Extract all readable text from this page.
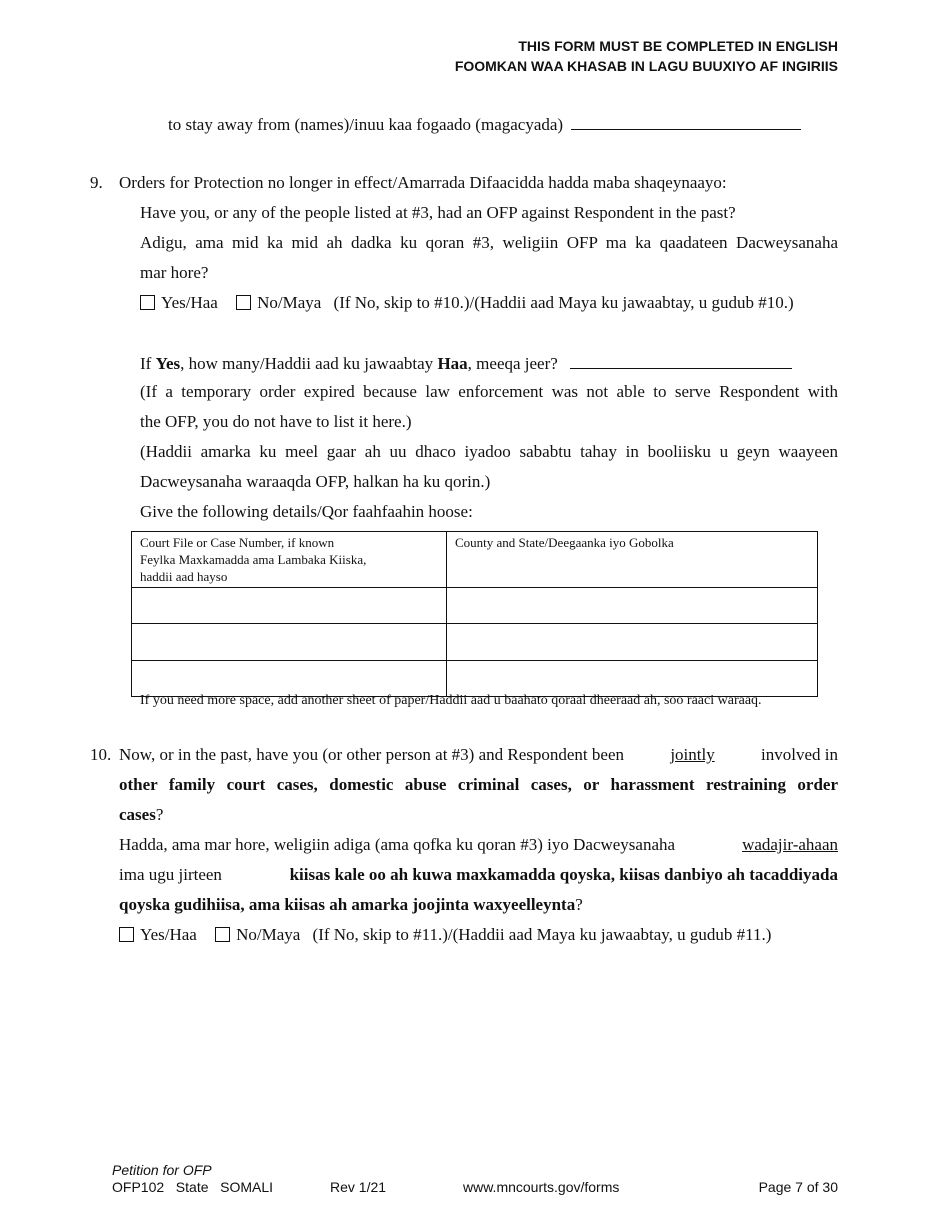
THIS FORM MUST BE COMPLETED IN ENGLISH
FOOMKAN WAA KHASAB IN LAGU BUUXIYO AF INGIRIIS
to stay away from (names)/inuu kaa fogaado (magacyada)
9. Orders for Protection no longer in effect/Amarrada Difaacidda hadda maba shaqeynaayo:
Have you, or any of the people listed at #3, had an OFP against Respondent in the past?
Adigu, ama mid ka mid ah dadka ku qoran #3, weligiin OFP ma ka qaadateen Dacweysanaha
mar hore?
Yes/Haa No/Maya (If No, skip to #10.)/(Haddii aad Maya ku jawaabtay, u gudub #10.)
If Yes, how many/Haddii aad ku jawaabtay Haa, meeqa jeer?
(If a temporary order expired because law enforcement was not able to serve Respondent with
the OFP, you do not have to list it here.)
(Haddii amarka ku meel gaar ah uu dhaco iyadoo sababtu tahay in booliisku u geyn waayeen
Dacweysanaha waraaqda OFP, halkan ha ku qorin.)
Give the following details/Qor faahfaahin hoose:
Court File or Case Number, if known
Feylka Maxkamadda ama Lambaka Kiiska,
haddii aad hayso	County and State/Deegaanka iyo Gobolka

If you need more space, add another sheet of paper/Haddii aad u baahato qoraal dheeraad ah, soo raaci waraaq.
10. Now, or in the past, have you (or other person at #3) and Respondent been	jointly	involved in
other family court cases, domestic abuse criminal cases, or harassment restraining order
cases?
Hadda, ama mar hore, weligiin adiga (ama qofka ku qoran #3) iyo Dacweysanaha	wadajir-ahaan
ima ugu jirteen	kiisas kale oo ah kuwa maxkamadda qoyska, kiisas danbiyo ah tacaddiyada
qoyska gudihiisa, ama kiisas ah amarka joojinta waxyeelleynta?
Yes/Haa No/Maya (If No, skip to #11.)/(Haddii aad Maya ku jawaabtay, u gudub #11.)
Petition for OFP
OFP102   State   SOMALI	Rev 1/21	www.mncourts.gov/forms	Page 7 of 30
